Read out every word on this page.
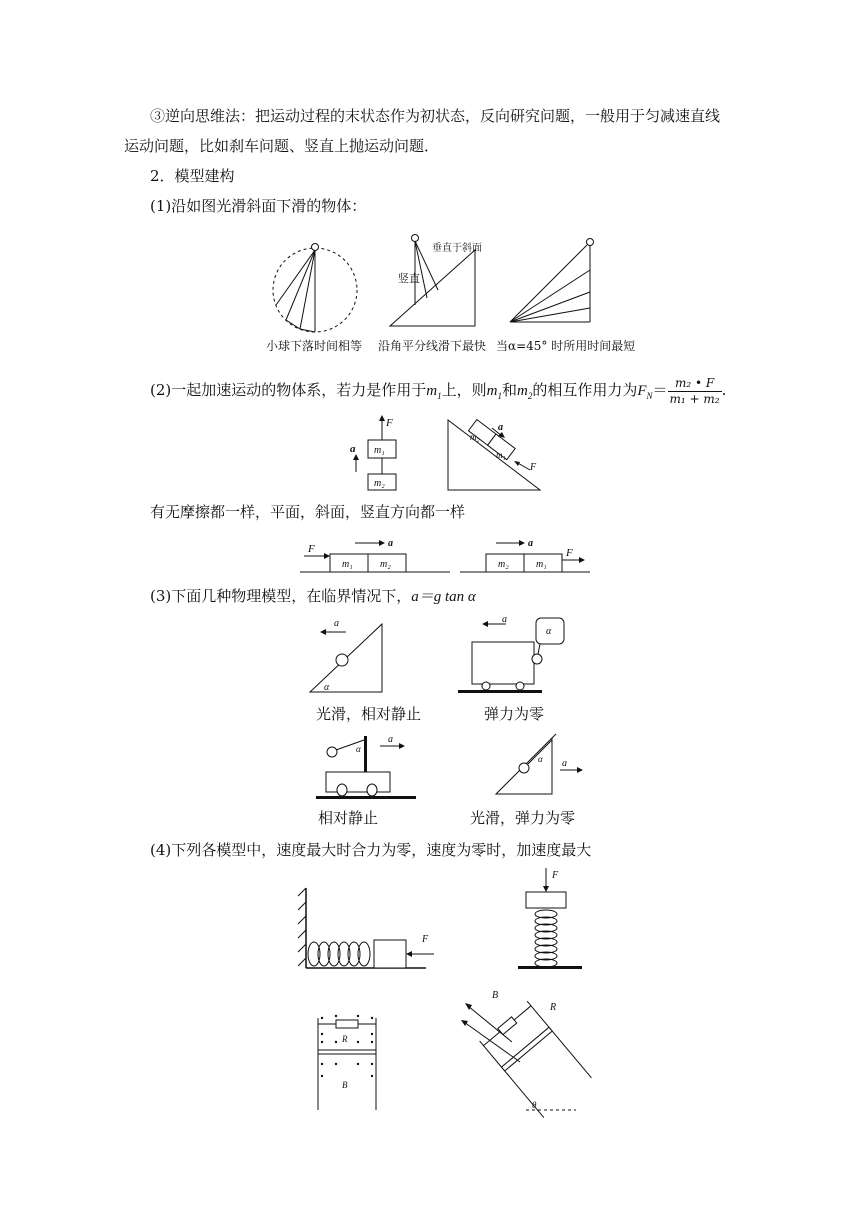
③逆向思维法：把运动过程的末状态作为初状态，反向研究问题，一般用于匀减速直线
运动问题，比如刹车问题、竖直上抛运动问题．
2．模型建构
(1)沿如图光滑斜面下滑的物体：
垂直于斜面
竖直
小球下落时间相等 沿角平分线滑下最快 当α=45° 时所用时间最短
(2)一起加速运动的物体系，若力是作用于$m_1$上，则$m_1$和$m_2$的相互作用力为$F_N= \frac{\text{m₂ • F}}{\text{m₁ + m₂}}$ .
F
m₁
m₂
a
m₂
m₁
a
F
有无摩擦都一样，平面，斜面，竖直方向都一样
F
m₁	m₂
a
m₂	m₁
F
a
(3)下面几种物理模型，在临界情况下，a＝g tan α
α
a	a
α
光滑，相对静止	弹力为零
α
a
α a
相对静止	光滑，弹力为零
(4)下列各模型中，速度最大时合力为零，速度为零时，加速度最大
F
F
R
B
R
B
θ
